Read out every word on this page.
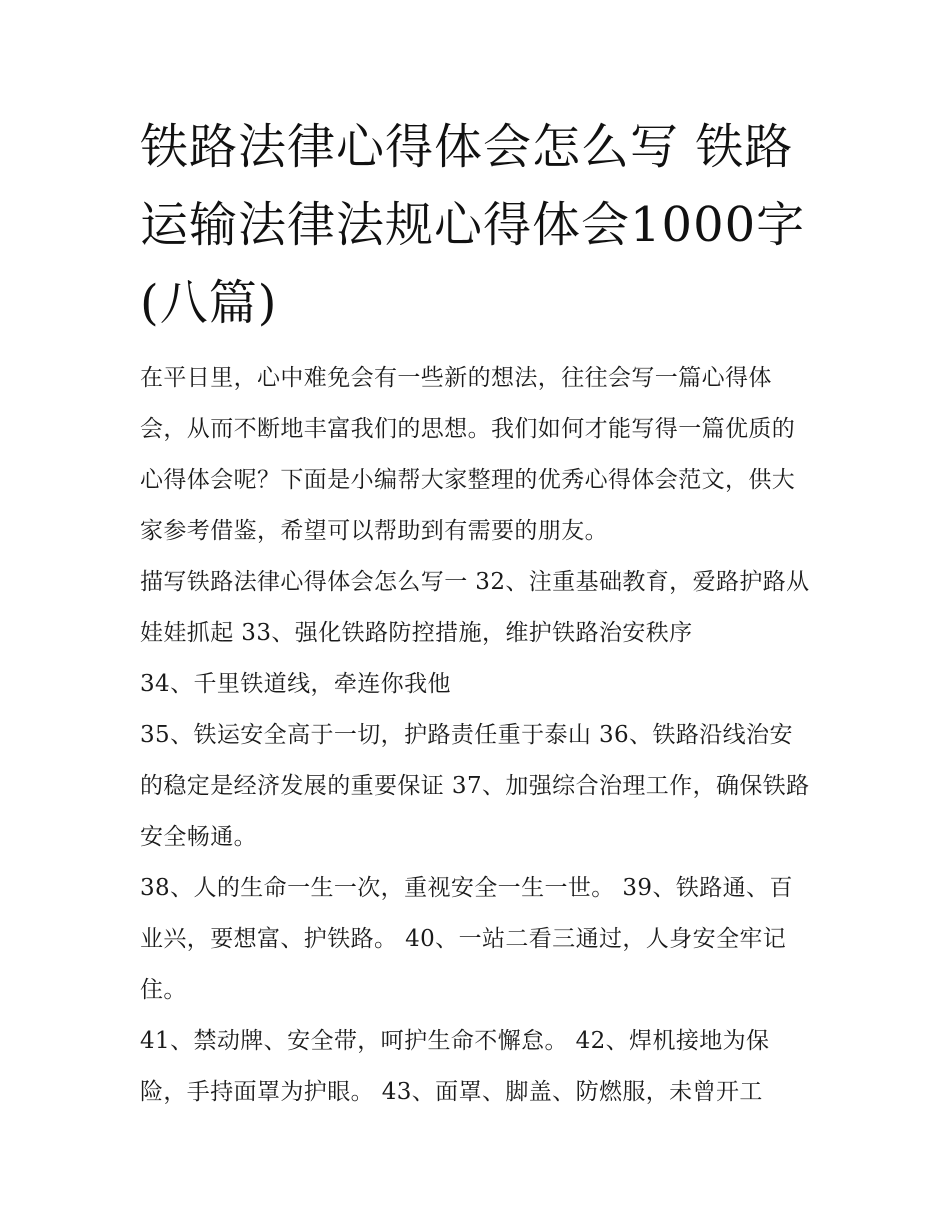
铁路法律心得体会怎么写 铁路运输法律法规心得体会1000字(八篇)

在平日里，心中难免会有一些新的想法，往往会写一篇心得体会，从而不断地丰富我们的思想。我们如何才能写得一篇优质的心得体会呢？下面是小编帮大家整理的优秀心得体会范文，供大家参考借鉴，希望可以帮助到有需要的朋友。

描写铁路法律心得体会怎么写一 32、注重基础教育，爱路护路从娃娃抓起 33、强化铁路防控措施，维护铁路治安秩序

34、千里铁道线，牵连你我他

35、铁运安全高于一切，护路责任重于泰山 36、铁路沿线治安的稳定是经济发展的重要保证 37、加强综合治理工作，确保铁路安全畅通。

38、人的生命一生一次，重视安全一生一世。 39、铁路通、百业兴，要想富、护铁路。 40、一站二看三通过，人身安全牢记住。

41、禁动牌、安全带，呵护生命不懈怠。 42、焊机接地为保险，手持面罩为护眼。 43、面罩、脚盖、防燃服，未曾开工
